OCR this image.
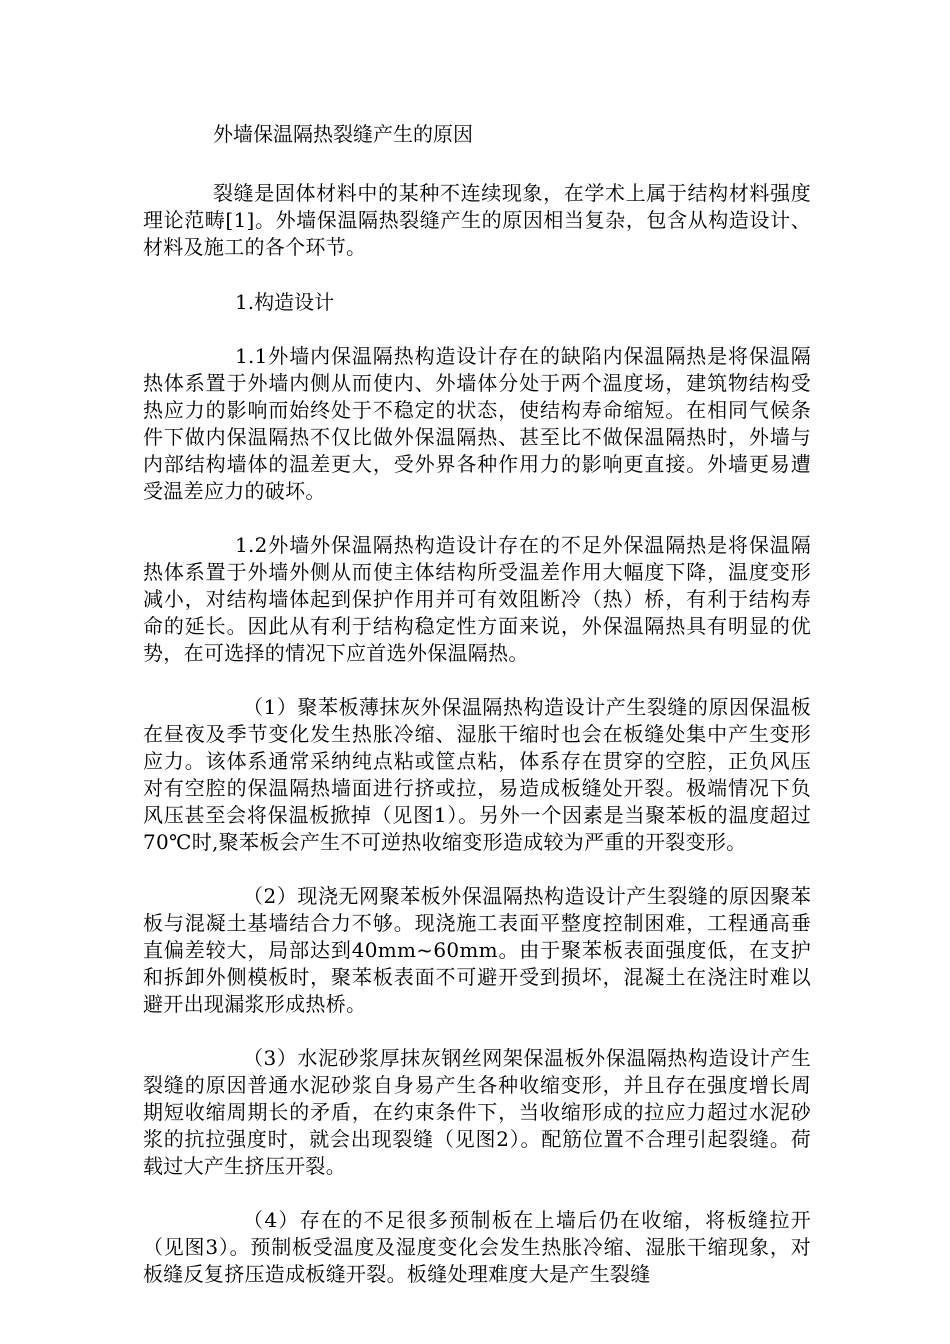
外墙保温隔热裂缝产生的原因

裂缝是固体材料中的某种不连续现象，在学术上属于结构材料强度理论范畴[1]。外墙保温隔热裂缝产生的原因相当复杂，包含从构造设计、材料及施工的各个环节。

1.构造设计

1.1外墙内保温隔热构造设计存在的缺陷内保温隔热是将保温隔热体系置于外墙内侧从而使内、外墙体分处于两个温度场，建筑物结构受热应力的影响而始终处于不稳定的状态，使结构寿命缩短。在相同气候条件下做内保温隔热不仅比做外保温隔热、甚至比不做保温隔热时，外墙与内部结构墙体的温差更大，受外界各种作用力的影响更直接。外墙更易遭受温差应力的破坏。

1.2外墙外保温隔热构造设计存在的不足外保温隔热是将保温隔热体系置于外墙外侧从而使主体结构所受温差作用大幅度下降，温度变形减小，对结构墙体起到保护作用并可有效阻断冷（热）桥，有利于结构寿命的延长。因此从有利于结构稳定性方面来说，外保温隔热具有明显的优势，在可选择的情况下应首选外保温隔热。

（1）聚苯板薄抹灰外保温隔热构造设计产生裂缝的原因保温板在昼夜及季节变化发生热胀冷缩、湿胀干缩时也会在板缝处集中产生变形应力。该体系通常采纳纯点粘或筐点粘，体系存在贯穿的空腔，正负风压对有空腔的保温隔热墙面进行挤或拉，易造成板缝处开裂。极端情况下负风压甚至会将保温板掀掉（见图1）。另外一个因素是当聚苯板的温度超过70℃时,聚苯板会产生不可逆热收缩变形造成较为严重的开裂变形。

（2）现浇无网聚苯板外保温隔热构造设计产生裂缝的原因聚苯板与混凝土基墙结合力不够。现浇施工表面平整度控制困难，工程通高垂直偏差较大，局部达到40mm~60mm。由于聚苯板表面强度低，在支护和拆卸外侧模板时，聚苯板表面不可避开受到损坏，混凝土在浇注时难以避开出现漏浆形成热桥。

（3）水泥砂浆厚抹灰钢丝网架保温板外保温隔热构造设计产生裂缝的原因普通水泥砂浆自身易产生各种收缩变形，并且存在强度增长周期短收缩周期长的矛盾，在约束条件下，当收缩形成的拉应力超过水泥砂浆的抗拉强度时，就会出现裂缝（见图2）。配筋位置不合理引起裂缝。荷载过大产生挤压开裂。

（4）存在的不足很多预制板在上墙后仍在收缩，将板缝拉开（见图3）。预制板受温度及湿度变化会发生热胀冷缩、湿胀干缩现象，对板缝反复挤压造成板缝开裂。板缝处理难度大是产生裂缝
